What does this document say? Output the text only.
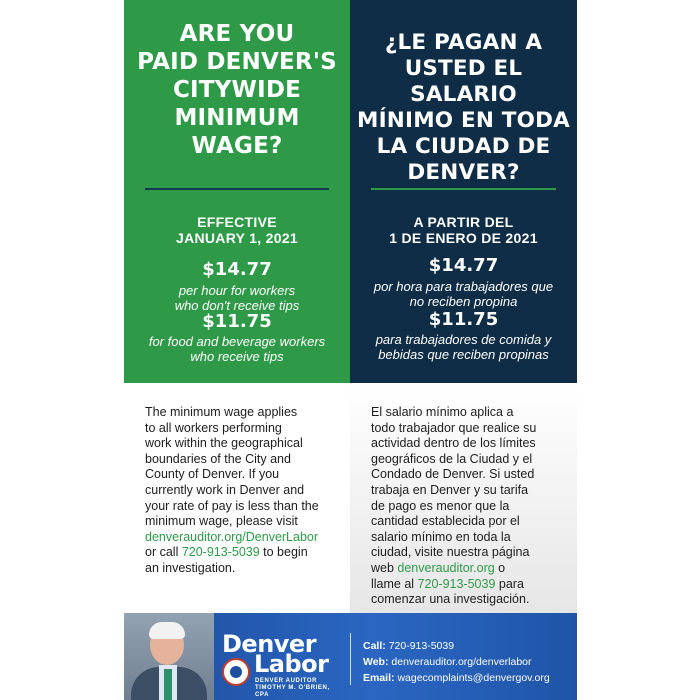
ARE YOU
PAID DENVER'S
CITYWIDE
MINIMUM
WAGE?
EFFECTIVE
JANUARY 1, 2021
$14.77
per hour for workers
who don't receive tips
$11.75
for food and beverage workers
who receive tips
¿LE PAGAN A
USTED EL SALARIO
MÍNIMO EN TODA
LA CIUDAD DE
DENVER?
A PARTIR DEL
1 DE ENERO DE 2021
$14.77
por hora para trabajadores que
no reciben propina
$11.75
para trabajadores de comida y
bebidas que reciben propinas

The minimum wage applies
to all workers performing
work within the geographical
boundaries of the City and
County of Denver. If you
currently work in Denver and
your rate of pay is less than the
minimum wage, please visit
denverauditor.org/DenverLabor
or call 720-913-5039 to begin
an investigation.

El salario mínimo aplica a
todo trabajador que realice su
actividad dentro de los límites
geográficos de la Ciudad y el
Condado de Denver. Si usted
trabaja en Denver y su tarifa
de pago es menor que la
cantidad establecida por el
salario mínimo en toda la
ciudad, visite nuestra página
web denverauditor.org o
llame al 720-913-5039 para
comenzar una investigación.

Denver
Labor
DENVER AUDITOR
TIMOTHY M. O'BRIEN, CPA
Call: 720-913-5039
Web: denverauditor.org/denverlabor
Email: wagecomplaints@denvergov.org
